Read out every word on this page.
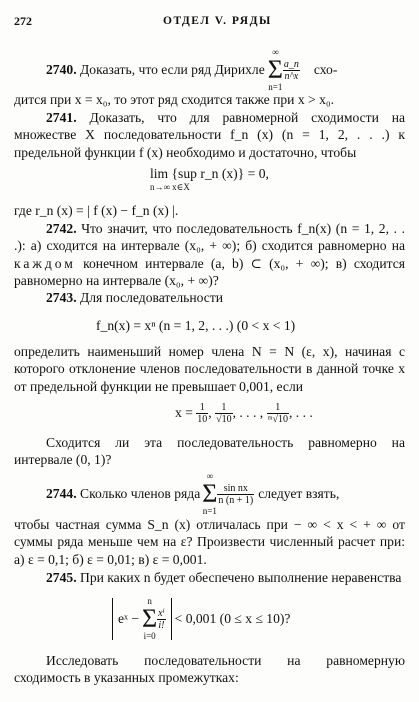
272	ОТДЕЛ V. РЯДЫ
2740.
Доказать, что если ряд Дирихле
∞
Σ
n=1
$\frac{a\_n}{n\^{}x} схо-$
дится при x = x₀, то этот ряд сходится также при x > x₀.
2741. Доказать, что для равномерной сходимости на множестве X последовательности f_n (x) (n = 1, 2, . . .) к предельной функции f (x) необходимо и достаточно, чтобы
lim {sup r_n (x)} = 0,
n→∞ x∈X
где r_n (x) = | f (x) − f_n (x) |.
2742. Что значит, что последовательность f_n(x) (n = 1, 2, . . .): а) сходится на интервале (x₀, + ∞); б) сходится равномерно на каждом конечном интервале (a, b) ⊂ (x₀, + ∞); в) сходится равномерно на интервале (x₀, + ∞)?
2743. Для последовательности
f_n(x) = xⁿ (n = 1, 2, . . .) (0 < x < 1)
определить наименьший номер члена N = N (ε, x), начиная с которого отклонение членов последовательности в данной точке x от предельной функции не превышает 0,001, если
x =
$\frac{1}{10}$ , $\frac{1}{√10}$ , . . . ,
$\frac{1}{\text{ᵐ√10}}$ , . . .
Сходится ли эта последовательность равномерно на интервале (0, 1)?
2744.
Сколько членов ряда
∞
Σ
n=1
$\frac{\text{sin nx}}{n (n + 1)}$ следует взять,
чтобы частная сумма S_n (x) отличалась при − ∞ < x < + ∞ от суммы ряда меньше чем на ε? Произвести численный расчет при: а) ε = 0,1; б) ε = 0,01; в) ε = 0,001.
2745. При каких n будет обеспечено выполнение неравенства
eˣ −
n
Σ
i=0
$\frac{\text{xⁱ}}{i!} < 0,001$ (0 ≤ x ≤ 10)?
Исследовать последовательности на равномерную сходимость в указанных промежутках:
